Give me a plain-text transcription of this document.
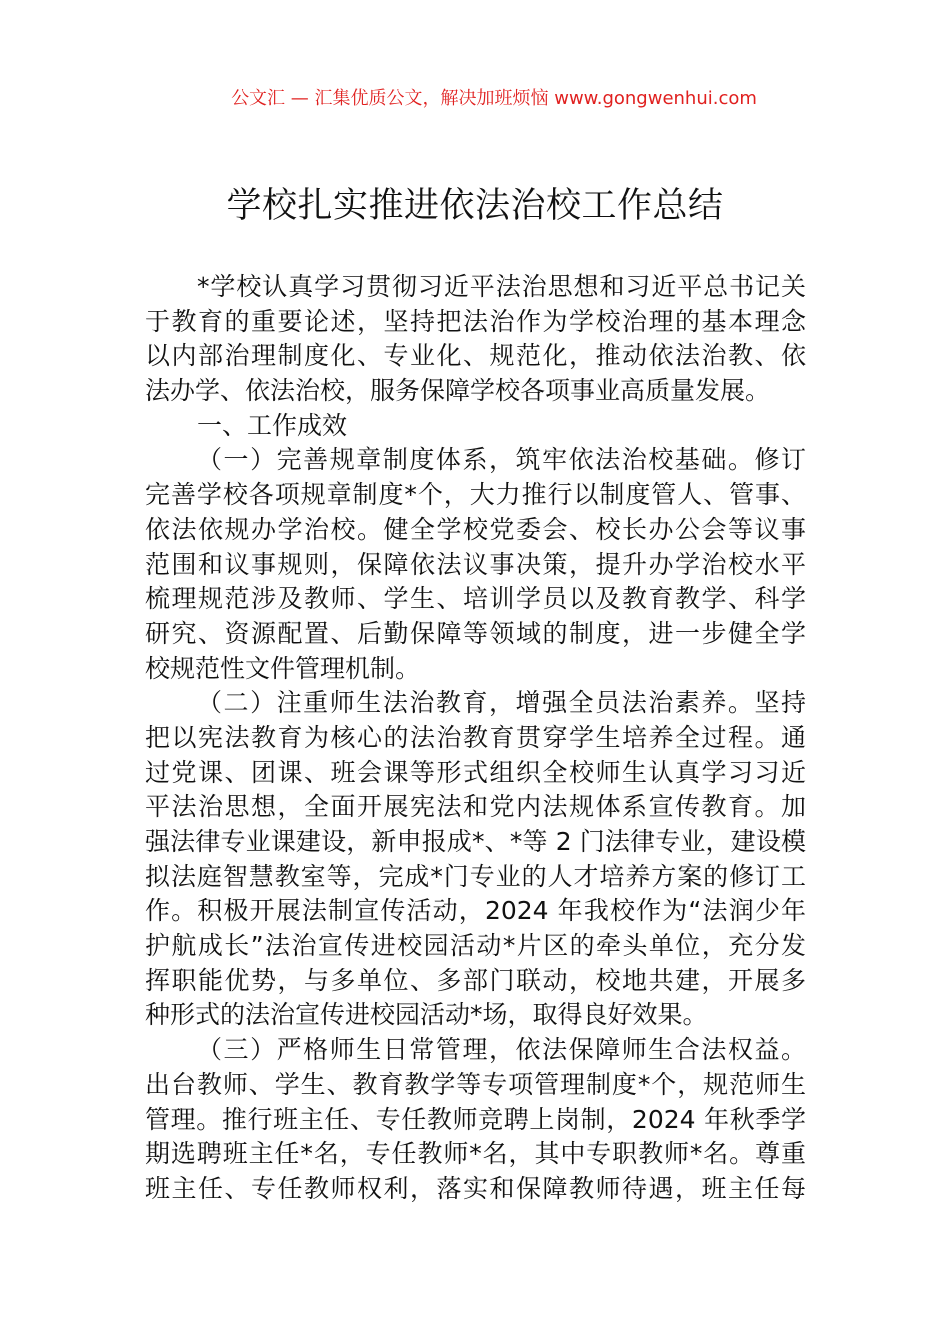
公文汇 — 汇集优质公文，解决加班烦恼 www.gongwenhui.com
学校扎实推进依法治校工作总结
*学校认真学习贯彻习近平法治思想和习近平总书记关
于教育的重要论述，坚持把法治作为学校治理的基本理念
以内部治理制度化、专业化、规范化，推动依法治教、依
法办学、依法治校，服务保障学校各项事业高质量发展。
一、工作成效
（一）完善规章制度体系，筑牢依法治校基础。修订
完善学校各项规章制度*个，大力推行以制度管人、管事、
依法依规办学治校。健全学校党委会、校长办公会等议事
范围和议事规则，保障依法议事决策，提升办学治校水平
梳理规范涉及教师、学生、培训学员以及教育教学、科学
研究、资源配置、后勤保障等领域的制度，进一步健全学
校规范性文件管理机制。
（二）注重师生法治教育，增强全员法治素养。坚持
把以宪法教育为核心的法治教育贯穿学生培养全过程。通
过党课、团课、班会课等形式组织全校师生认真学习习近
平法治思想，全面开展宪法和党内法规体系宣传教育。加
强法律专业课建设，新申报成*、*等 2 门法律专业，建设模
拟法庭智慧教室等，完成*门专业的人才培养方案的修订工
作。积极开展法制宣传活动，2024 年我校作为“法润少年
护航成长”法治宣传进校园活动*片区的牵头单位，充分发
挥职能优势，与多单位、多部门联动，校地共建，开展多
种形式的法治宣传进校园活动*场，取得良好效果。
（三）严格师生日常管理，依法保障师生合法权益。
出台教师、学生、教育教学等专项管理制度*个，规范师生
管理。推行班主任、专任教师竞聘上岗制，2024 年秋季学
期选聘班主任*名，专任教师*名，其中专职教师*名。尊重
班主任、专任教师权利，落实和保障教师待遇，班主任每
